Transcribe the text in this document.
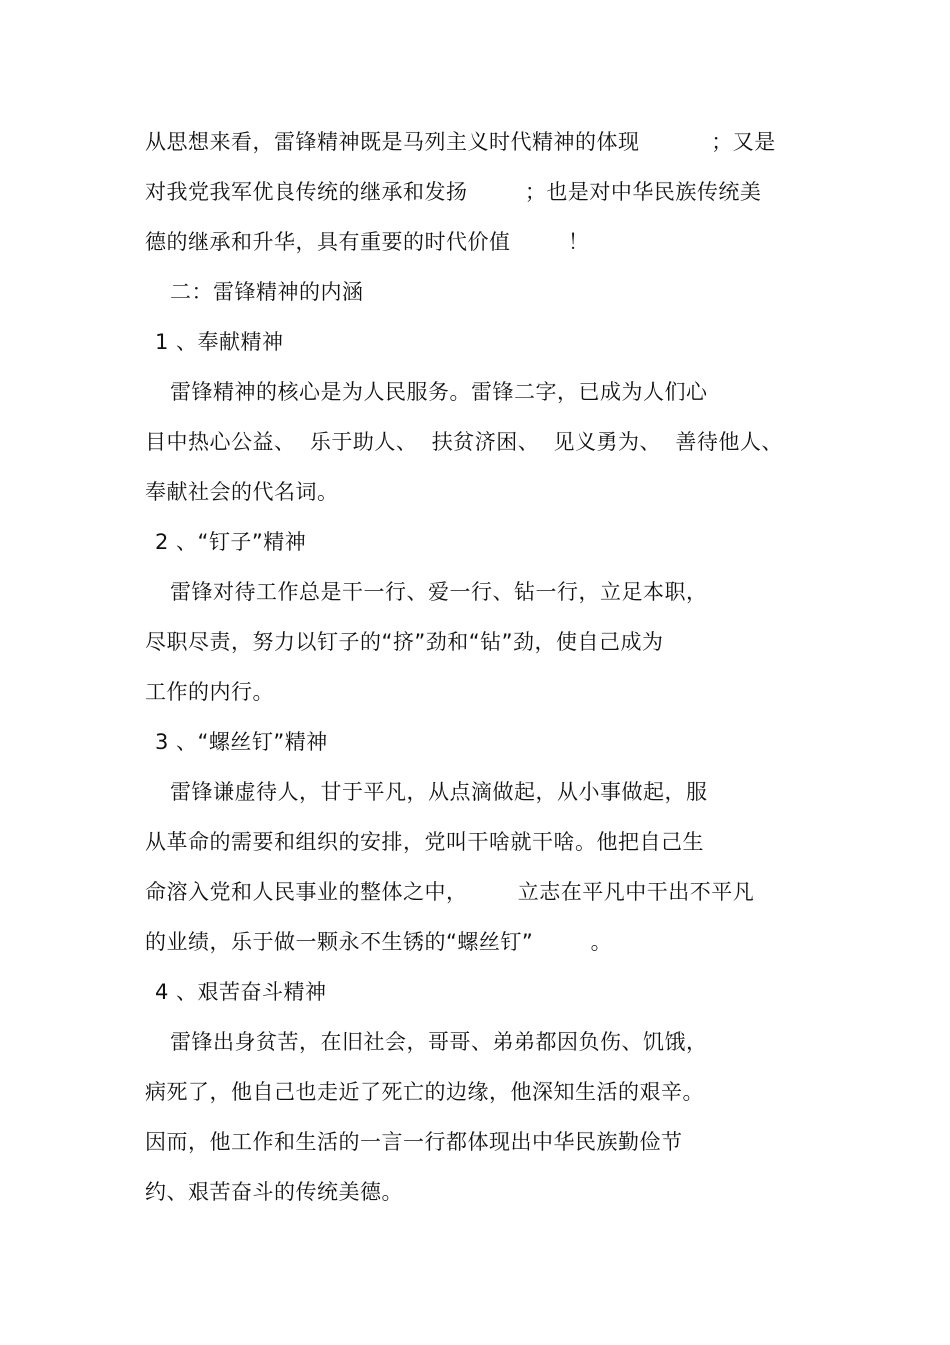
从思想来看，雷锋精神既是马列主义时代精神的体现          ；又是
对我党我军优良传统的继承和发扬        ；也是对中华民族传统美
德的继承和升华，具有重要的时代价值        ！
二：雷锋精神的内涵
1 、奉献精神
雷锋精神的核心是为人民服务。雷锋二字，已成为人们心
目中热心公益、  乐于助人、  扶贫济困、  见义勇为、  善待他人、
奉献社会的代名词。
2 、“钉子”精神
雷锋对待工作总是干一行、爱一行、钻一行，立足本职，
尽职尽责，努力以钉子的“挤”劲和“钻”劲，使自己成为
工作的内行。
3 、“螺丝钉”精神
雷锋谦虚待人，甘于平凡，从点滴做起，从小事做起，服
从革命的需要和组织的安排，党叫干啥就干啥。他把自己生
命溶入党和人民事业的整体之中，       立志在平凡中干出不平凡
的业绩，乐于做一颗永不生锈的“螺丝钉”        。
4 、艰苦奋斗精神
雷锋出身贫苦，在旧社会，哥哥、弟弟都因负伤、饥饿，
病死了，他自己也走近了死亡的边缘，他深知生活的艰辛。
因而，他工作和生活的一言一行都体现出中华民族勤俭节
约、艰苦奋斗的传统美德。
